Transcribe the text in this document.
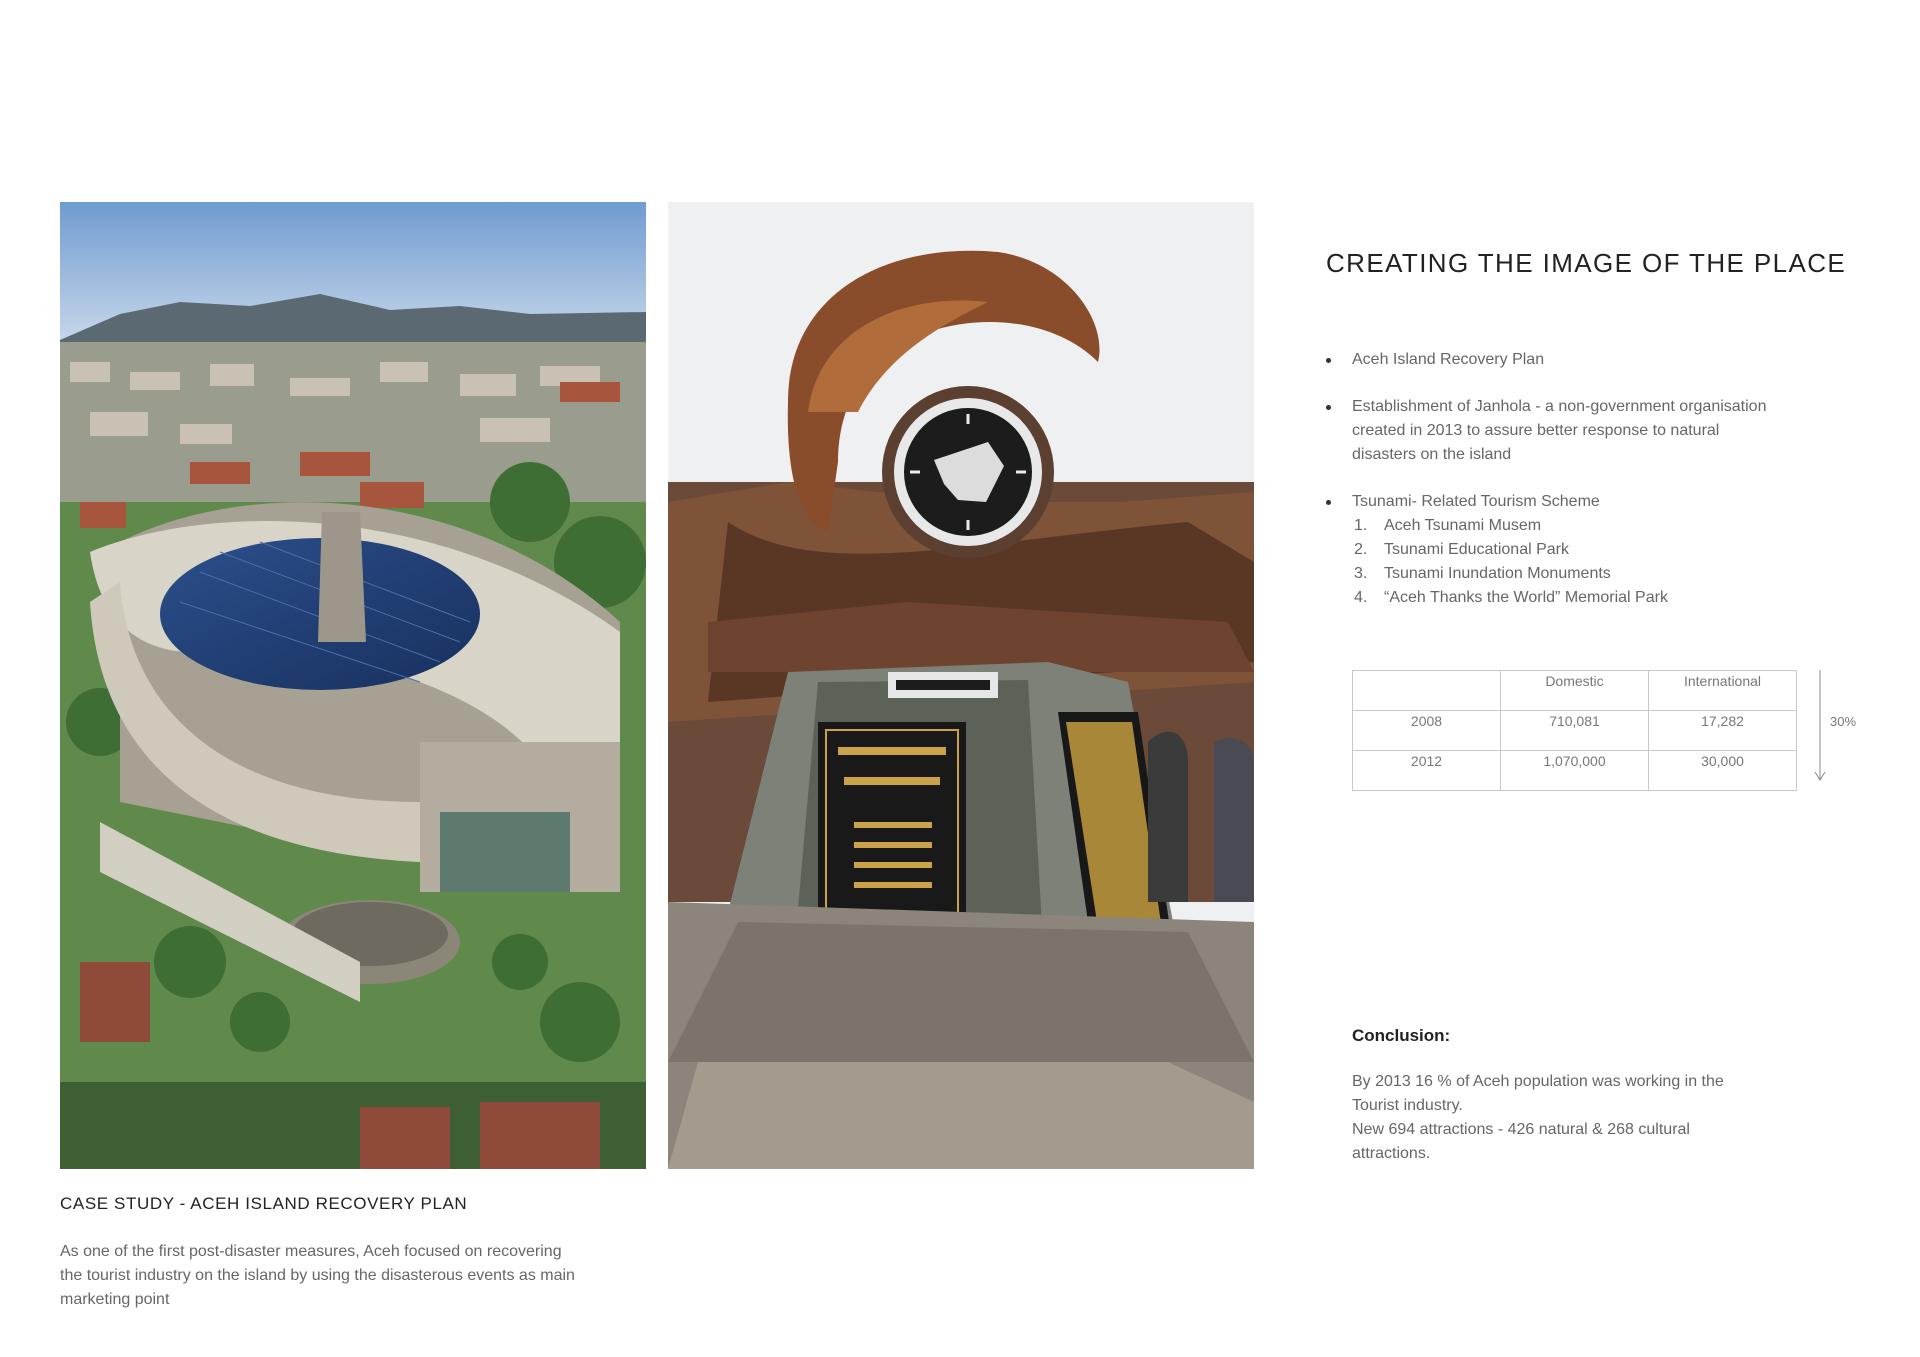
CASE STUDY - ACEH ISLAND RECOVERY PLAN

As one of the first post-disaster measures, Aceh focused on recovering the tourist industry on the island by using the disasterous events as main marketing point

CREATING THE IMAGE OF THE PLACE
Aceh Island Recovery Plan
Establishment of Janhola - a non-government organisation created in 2013 to assure better response to natural disasters on the island
Tsunami- Related Tourism Scheme
1. Aceh Tsunami Musem
2. Tsunami Educational Park
3. Tsunami Inundation Monuments
4. “Aceh Thanks the World” Memorial Park
	Domestic	International
2008	710,081	17,282
2012	1,070,000	30,000
30%
Conclusion:

By 2013 16 % of Aceh population was working in the Tourist industry.

New 694 attractions - 426 natural & 268 cultural attractions.
